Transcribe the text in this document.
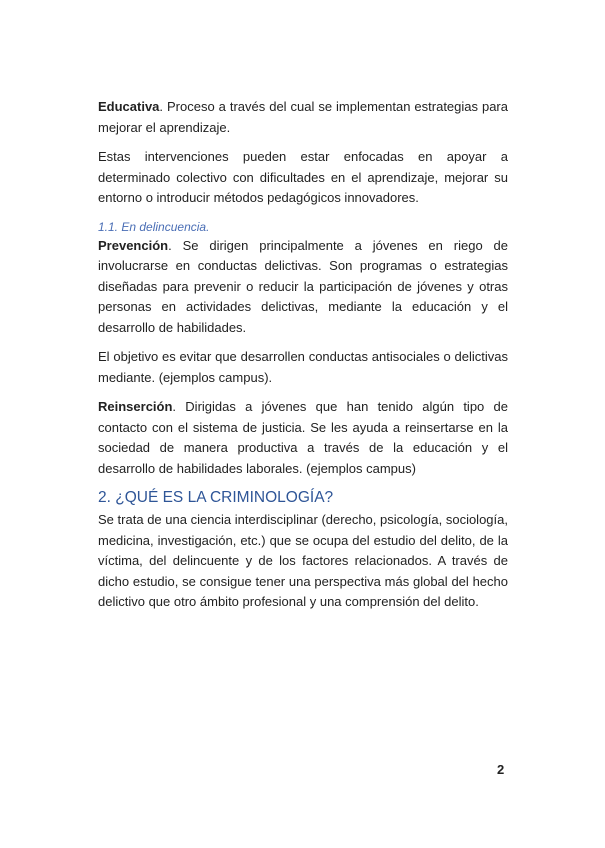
Educativa. Proceso a través del cual se implementan estrategias para mejorar el aprendizaje.

Estas intervenciones pueden estar enfocadas en apoyar a determinado colectivo con dificultades en el aprendizaje, mejorar su entorno o introducir métodos pedagógicos innovadores.

1.1. En delincuencia.

Prevención. Se dirigen principalmente a jóvenes en riego de involucrarse en conductas delictivas. Son programas o estrategias diseñadas para prevenir o reducir la participación de jóvenes y otras personas en actividades delictivas, mediante la educación y el desarrollo de habilidades.

El objetivo es evitar que desarrollen conductas antisociales o delictivas mediante. (ejemplos campus).

Reinserción. Dirigidas a jóvenes que han tenido algún tipo de contacto con el sistema de justicia. Se les ayuda a reinsertarse en la sociedad de manera productiva a través de la educación y el desarrollo de habilidades laborales. (ejemplos campus)

2. ¿QUÉ ES LA CRIMINOLOGÍA?

Se trata de una ciencia interdisciplinar (derecho, psicología, sociología, medicina, investigación, etc.) que se ocupa del estudio del delito, de la víctima, del delincuente y de los factores relacionados. A través de dicho estudio, se consigue tener una perspectiva más global del hecho delictivo que otro ámbito profesional y una comprensión del delito.

2
